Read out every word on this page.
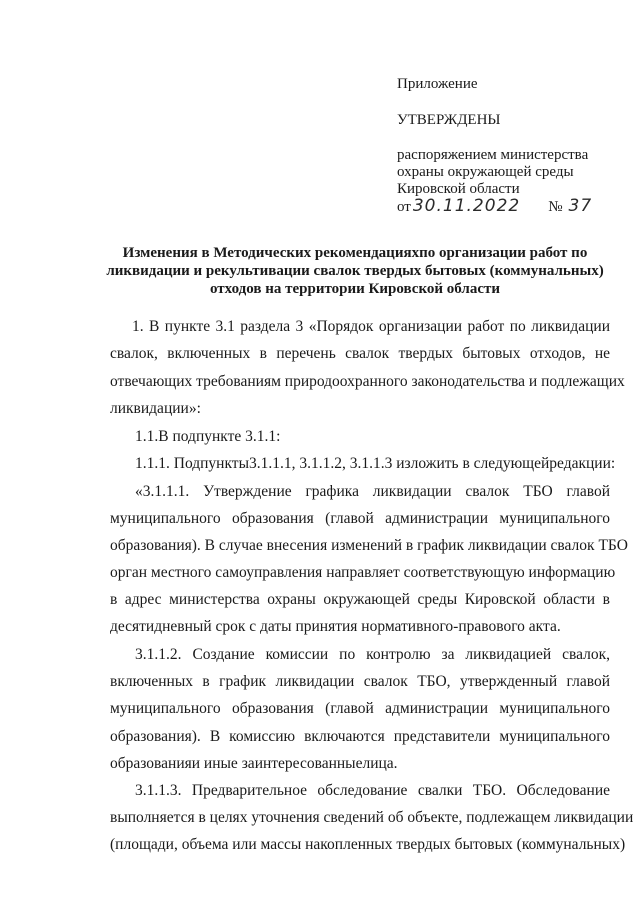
Приложение
УТВЕРЖДЕНЫ
распоряжением министерства
охраны окружающей среды
Кировской области
от 30.11.2022 № 37
Изменения в Методических рекомендацияхпо организации работ по
ликвидации и рекультивации свалок твердых бытовых (коммунальных)
отходов на территории Кировской области
1. В пункте 3.1 раздела 3 «Порядок организации работ по ликвидации
свалок, включенных в перечень свалок твердых бытовых отходов, не
отвечающих требованиям природоохранного законодательства и подлежащих
ликвидации»:
1.1.В подпункте 3.1.1:
1.1.1. Подпункты3.1.1.1, 3.1.1.2, 3.1.1.3 изложить в следующейредакции:
«3.1.1.1. Утверждение графика ликвидации свалок ТБО главой
муниципального образования (главой администрации муниципального
образования). В случае внесения изменений в график ликвидации свалок ТБО
орган местного самоуправления направляет соответствующую информацию
в адрес министерства охраны окружающей среды Кировской области в
десятидневный срок с даты принятия нормативного-правового акта.
3.1.1.2. Создание комиссии по контролю за ликвидацией свалок,
включенных в график ликвидации свалок ТБО, утвержденный главой
муниципального образования (главой администрации муниципального
образования). В комиссию включаются представители муниципального
образованияи иные заинтересованныелица.
3.1.1.3. Предварительное обследование свалки ТБО. Обследование
выполняется в целях уточнения сведений об объекте, подлежащем ликвидации
(площади, объема или массы накопленных твердых бытовых (коммунальных)
